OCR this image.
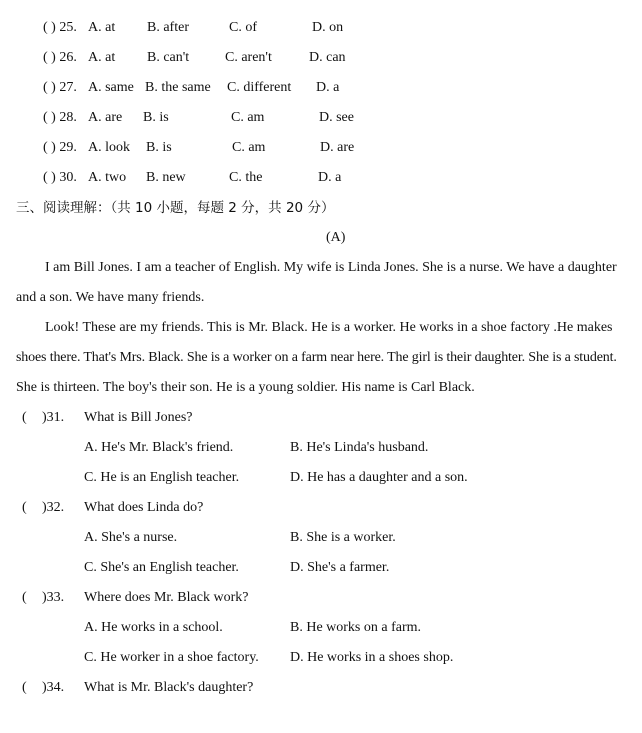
( ) 25. A. at B. after	C. of	D. on
( ) 26. A. at B. can't	C. aren't	D. can
( ) 27. A. same B. the same C. different D. a
( ) 28. A. are B. is	C. am	D. see
( ) 29. A. look B. is	C. am	D. are
( ) 30. A. two B. new	C. the	D. a
三、阅读理解：（共 10 小题，每题 2 分，共 20 分）
(A)
I am Bill Jones. I am a teacher of English. My wife is Linda Jones. She is a nurse. We have a daughter
and a son. We have many friends.
Look! These are my friends. This is Mr. Black. He is a worker. He works in a shoe factory .He makes
shoes there. That's Mrs. Black. She is a worker on a farm near here. The girl is their daughter. She is a student.
She is thirteen. The boy's their son. He is a young soldier. His name is Carl Black.
( )31. What is Bill Jones?
A. He's Mr. Black's friend.	B. He's Linda's husband.
C. He is an English teacher.	D. He has a daughter and a son.
( )32. What does Linda do?
A. She's a nurse.	B. She is a worker.
C. She's an English teacher.	D. She's a farmer.
( )33. Where does Mr. Black work?
A. He works in a school.	B. He works on a farm.
C. He worker in a shoe factory. D. He works in a shoes shop.
( )34. What is Mr. Black's daughter?
